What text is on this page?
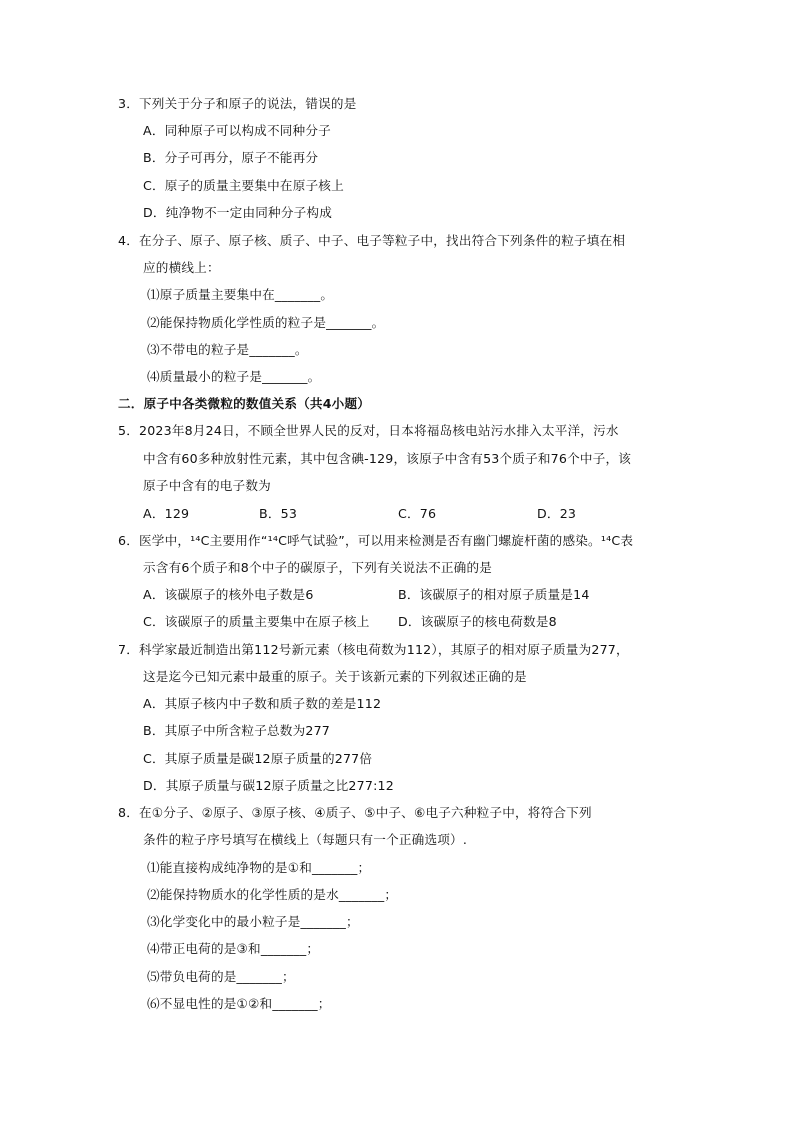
3．下列关于分子和原子的说法，错误的是
A．同种原子可以构成不同种分子
B．分子可再分，原子不能再分
C．原子的质量主要集中在原子核上
D．纯净物不一定由同种分子构成
4．在分子、原子、原子核、质子、中子、电子等粒子中，找出符合下列条件的粒子填在相
应的横线上：
⑴原子质量主要集中在_______。
⑵能保持物质化学性质的粒子是_______。
⑶不带电的粒子是_______。
⑷质量最小的粒子是_______。
二．原子中各类微粒的数值关系（共4小题）
5．2023年8月24日，不顾全世界人民的反对，日本将福岛核电站污水排入太平洋，污水
中含有60多种放射性元素，其中包含碘-129，该原子中含有53个质子和76个中子，该
原子中含有的电子数为
A．129	B．53	C．76	D．23
6．医学中，¹⁴C主要用作“¹⁴C呼气试验”，可以用来检测是否有幽门螺旋杆菌的感染。¹⁴C表
示含有6个质子和8个中子的碳原子，下列有关说法不正确的是
A．该碳原子的核外电子数是6	B．该碳原子的相对原子质量是14
C．该碳原子的质量主要集中在原子核上 D．该碳原子的核电荷数是8
7．科学家最近制造出第112号新元素（核电荷数为112），其原子的相对原子质量为277，
这是迄今已知元素中最重的原子。关于该新元素的下列叙述正确的是
A．其原子核内中子数和质子数的差是112
B．其原子中所含粒子总数为277
C．其原子质量是碳12原子质量的277倍
D．其原子质量与碳12原子质量之比277:12
8．在①分子、②原子、③原子核、④质子、⑤中子、⑥电子六种粒子中，将符合下列
条件的粒子序号填写在横线上（每题只有一个正确选项）.
⑴能直接构成纯净物的是①和_______；
⑵能保持物质水的化学性质的是水_______；
⑶化学变化中的最小粒子是_______；
⑷带正电荷的是③和_______；
⑸带负电荷的是_______；
⑹不显电性的是①②和_______；
